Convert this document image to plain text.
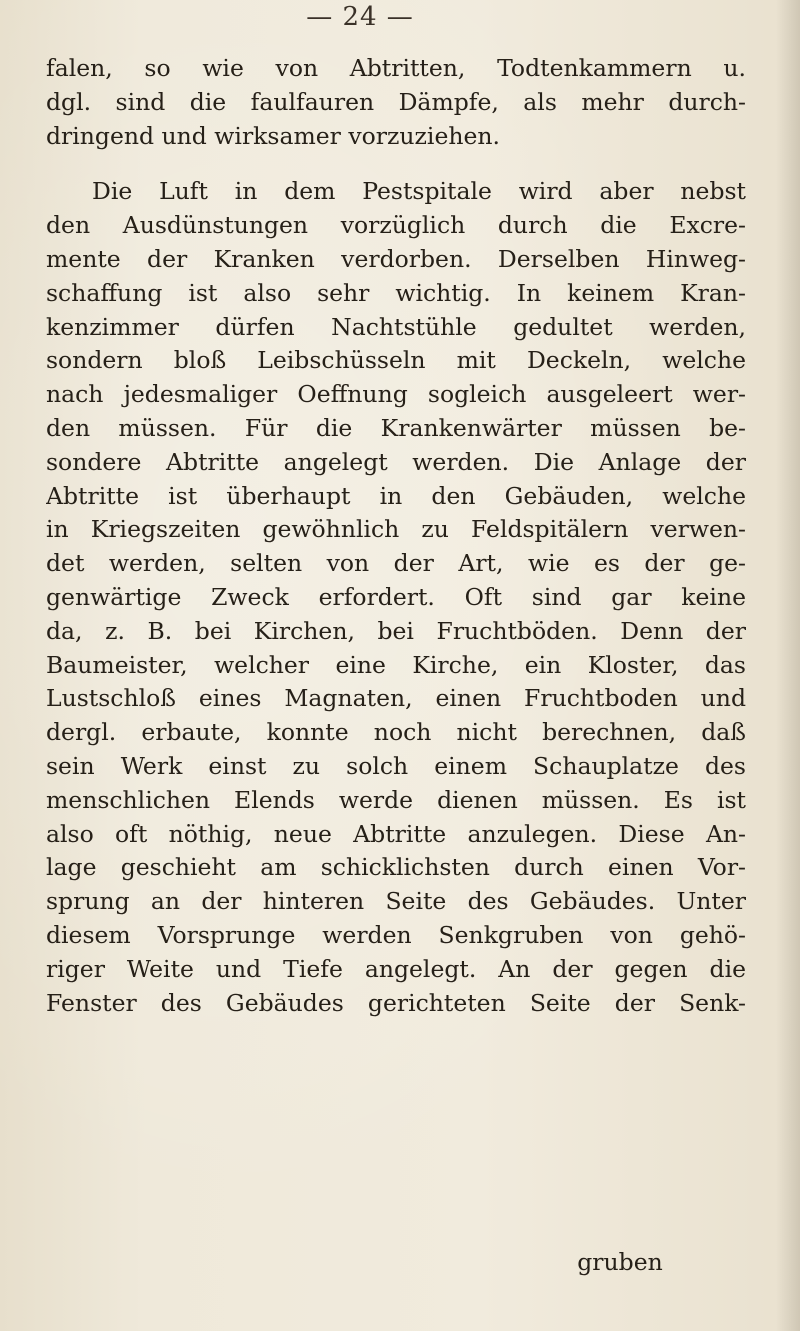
— 24 —
falen, so wie von Abtritten, Todtenkammern u.
dgl. sind die faulfauren Dämpfe, als mehr durch-
dringend und wirksamer vorzuziehen.
Die Luft in dem Pestspitale wird aber nebst
den Ausdünstungen vorzüglich durch die Excre-
mente der Kranken verdorben. Derselben Hinweg-
schaffung ist also sehr wichtig. In keinem Kran-
kenzimmer dürfen Nachtstühle gedultet werden,
sondern bloß Leibschüsseln mit Deckeln, welche
nach jedesmaliger Oeffnung sogleich ausgeleert wer-
den müssen. Für die Krankenwärter müssen be-
sondere Abtritte angelegt werden. Die Anlage der
Abtritte ist überhaupt in den Gebäuden, welche
in Kriegszeiten gewöhnlich zu Feldspitälern verwen-
det werden, selten von der Art, wie es der ge-
genwärtige Zweck erfordert. Oft sind gar keine
da, z. B. bei Kirchen, bei Fruchtböden. Denn der
Baumeister, welcher eine Kirche, ein Kloster, das
Lustschloß eines Magnaten, einen Fruchtboden und
dergl. erbaute, konnte noch nicht berechnen, daß
sein Werk einst zu solch einem Schauplatze des
menschlichen Elends werde dienen müssen. Es ist
also oft nöthig, neue Abtritte anzulegen. Diese An-
lage geschieht am schicklichsten durch einen Vor-
sprung an der hinteren Seite des Gebäudes. Unter
diesem Vorsprunge werden Senkgruben von gehö-
riger Weite und Tiefe angelegt. An der gegen die
Fenster des Gebäudes gerichteten Seite der Senk-
gruben
